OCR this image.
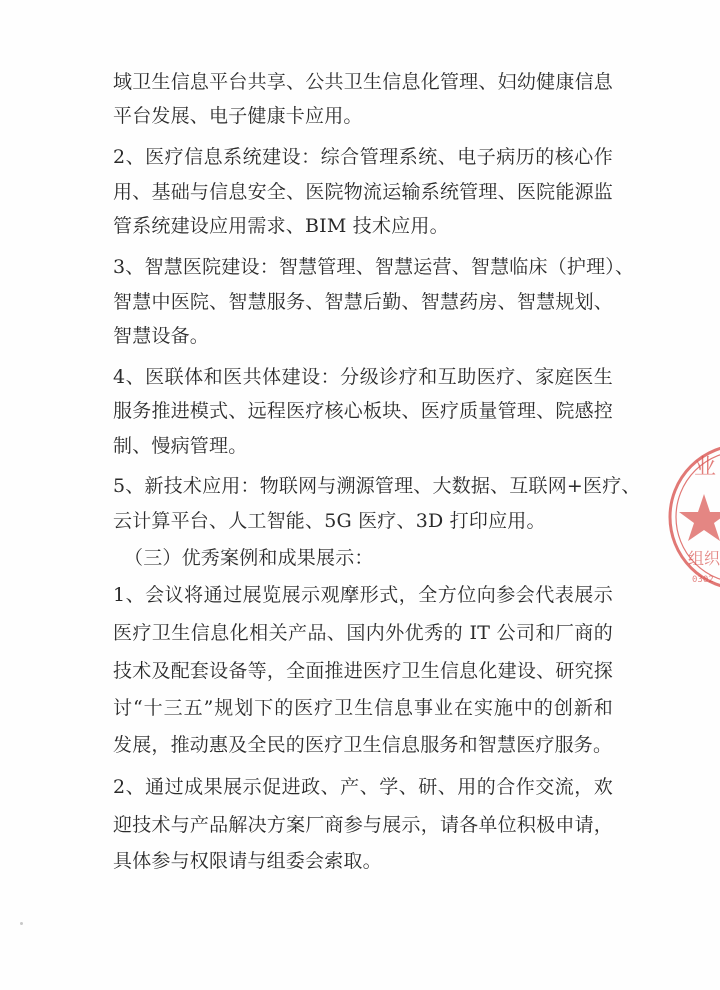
域卫生信息平台共享、公共卫生信息化管理、妇幼健康信息
平台发展、电子健康卡应用。
2、医疗信息系统建设：综合管理系统、电子病历的核心作
用、基础与信息安全、医院物流运输系统管理、医院能源监
管系统建设应用需求、BIM 技术应用。
3、智慧医院建设：智慧管理、智慧运营、智慧临床（护理）、
智慧中医院、智慧服务、智慧后勤、智慧药房、智慧规划、
智慧设备。
4、医联体和医共体建设：分级诊疗和互助医疗、家庭医生
服务推进模式、远程医疗核心板块、医疗质量管理、院感控
制、慢病管理。
5、新技术应用：物联网与溯源管理、大数据、互联网+医疗、
云计算平台、人工智能、5G 医疗、3D 打印应用。
（三）优秀案例和成果展示：
1、会议将通过展览展示观摩形式，全方位向参会代表展示
医疗卫生信息化相关产品、国内外优秀的 IT 公司和厂商的
技术及配套设备等，全面推进医疗卫生信息化建设、研究探
讨“十三五”规划下的医疗卫生信息事业在实施中的创新和
发展，推动惠及全民的医疗卫生信息服务和智慧医疗服务。
2、通过成果展示促进政、产、学、研、用的合作交流，欢
迎技术与产品解决方案厂商参与展示，请各单位积极申请，
具体参与权限请与组委会索取。
业
组织
0302
